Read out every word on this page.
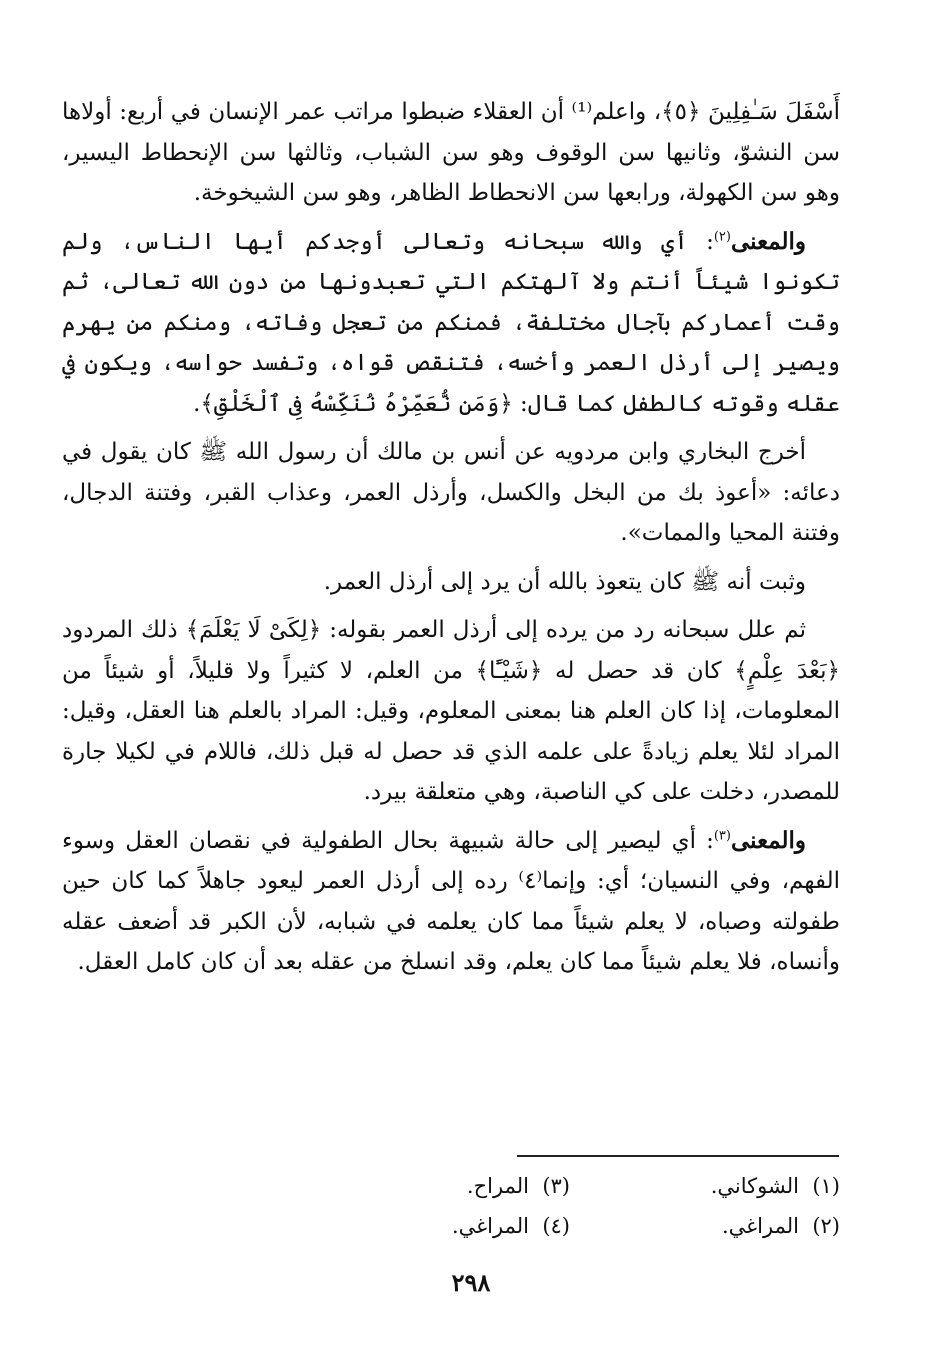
أَسْفَلَ سَـٰفِلِينَ ﴿٥﴾، واعلم⁽¹⁾ أن العقلاء ضبطوا مراتب عمر الإنسان في أربع: أولاها سن النشوّ، وثانيها سن الوقوف وهو سن الشباب، وثالثها سن الإنحطاط اليسير، وهو سن الكهولة، ورابعها سن الانحطاط الظاهر، وهو سن الشيخوخة.

والمعنى$^{(٢)}$: أي والله سبحانه وتعالى أوجدكم أيها الناس، ولم تكونوا شيئاً أنتم ولا آلهتكم التي تعبدونها من دون الله تعالى، ثم وقت أعماركم بآجال مختلفة، فمنكم من تعجل وفاته، ومنكم من يهرم ويصير إلى أرذل العمر وأخسه، فتنقص قواه، وتفسد حواسه، ويكون في عقله وقوته كالطفل كما قال: ﴿وَمَن نُّعَمِّرْهُ نُنَكِّسْهُ فِى ٱلْخَلْقِ﴾.

أخرج البخاري وابن مردويه عن أنس بن مالك أن رسول الله ﷺ كان يقول في دعائه: «أعوذ بك من البخل والكسل، وأرذل العمر، وعذاب القبر، وفتنة الدجال، وفتنة المحيا والممات».

وثبت أنه ﷺ كان يتعوذ بالله أن يرد إلى أرذل العمر.

ثم علل سبحانه رد من يرده إلى أرذل العمر بقوله: ﴿لِكَىْ لَا يَعْلَمَ﴾ ذلك المردود ﴿بَعْدَ عِلْمٍ﴾ كان قد حصل له ﴿شَيْـًٔا﴾ من العلم، لا كثيراً ولا قليلاً، أو شيئاً من المعلومات، إذا كان العلم هنا بمعنى المعلوم، وقيل: المراد بالعلم هنا العقل، وقيل: المراد لئلا يعلم زيادةً على علمه الذي قد حصل له قبل ذلك، فاللام في لكيلا جارة للمصدر، دخلت على كي الناصبة، وهي متعلقة بيرد.

والمعنى$^{(٣)}$: أي ليصير إلى حالة شبيهة بحال الطفولية في نقصان العقل وسوء الفهم، وفي النسيان؛ أي: وإنما⁽٤⁾ رده إلى أرذل العمر ليعود جاهلاً كما كان حين طفولته وصباه، لا يعلم شيئاً مما كان يعلمه في شبابه، لأن الكبر قد أضعف عقله وأنساه، فلا يعلم شيئاً مما كان يعلم، وقد انسلخ من عقله بعد أن كان كامل العقل.

(١)  الشوكاني.
(٣)  المراح.
(٢)  المراغي.
(٤)  المراغي.
٢٩٨
